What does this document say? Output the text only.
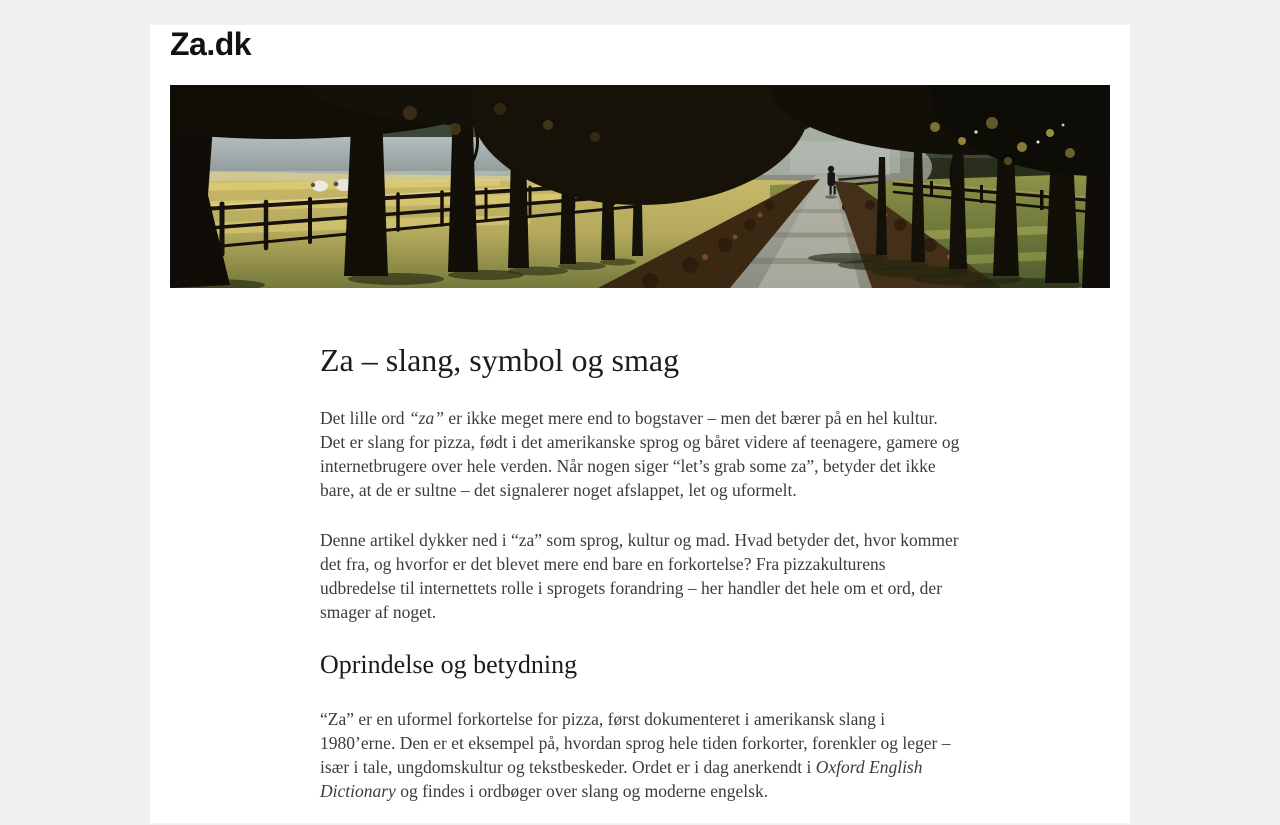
Za.dk
Za – slang, symbol og smag

Det lille ord “za” er ikke meget mere end to bogstaver – men det bærer på en hel kultur. Det er slang for pizza, født i det amerikanske sprog og båret videre af teenagere, gamere og internetbrugere over hele verden. Når nogen siger “let’s grab some za”, betyder det ikke bare, at de er sultne – det signalerer noget afslappet, let og uformelt.

Denne artikel dykker ned i “za” som sprog, kultur og mad. Hvad betyder det, hvor kommer det fra, og hvorfor er det blevet mere end bare en forkortelse? Fra pizzakulturens udbredelse til internettets rolle i sprogets forandring – her handler det hele om et ord, der smager af noget.

Oprindelse og betydning

“Za” er en uformel forkortelse for pizza, først dokumenteret i amerikansk slang i 1980’erne. Den er et eksempel på, hvordan sprog hele tiden forkorter, forenkler og leger – især i tale, ungdomskultur og tekstbeskeder. Ordet er i dag anerkendt i Oxford English Dictionary og findes i ordbøger over slang og moderne engelsk.
